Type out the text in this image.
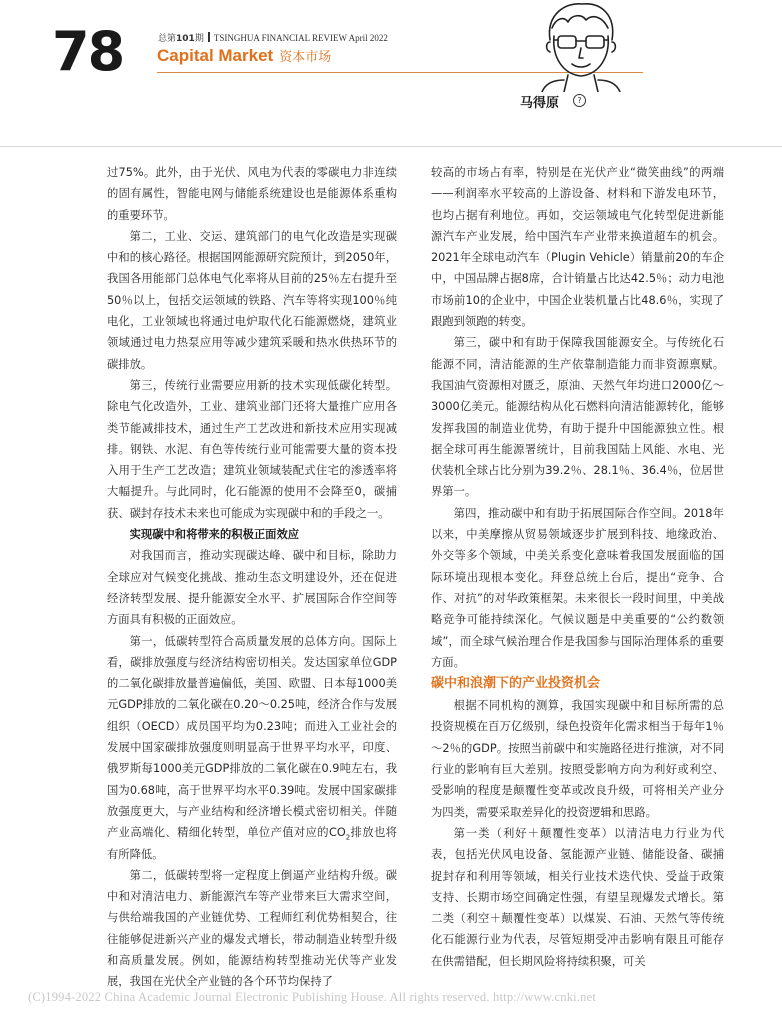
78	总第101期 TSINGHUA FINANCIAL REVIEW April 2022
Capital Market 资本市场
马得原	?

过75%。此外，由于光伏、风电为代表的零碳电力非连续的固有属性，智能电网与储能系统建设也是能源体系重构的重要环节。

第二，工业、交运、建筑部门的电气化改造是实现碳中和的核心路径。根据国网能源研究院预计，到2050年，我国各用能部门总体电气化率将从目前的25％左右提升至50％以上，包括交运领域的铁路、汽车等将实现100％纯电化，工业领域也将通过电炉取代化石能源燃烧，建筑业领域通过电力热泵应用等减少建筑采暖和热水供热环节的碳排放。

第三，传统行业需要应用新的技术实现低碳化转型。除电气化改造外，工业、建筑业部门还将大量推广应用各类节能减排技术，通过生产工艺改进和新技术应用实现减排。钢铁、水泥、有色等传统行业可能需要大量的资本投入用于生产工艺改造；建筑业领域装配式住宅的渗透率将大幅提升。与此同时，化石能源的使用不会降至0，碳捕获、碳封存技术未来也可能成为实现碳中和的手段之一。

实现碳中和将带来的积极正面效应

对我国而言，推动实现碳达峰、碳中和目标，除助力全球应对气候变化挑战、推动生态文明建设外，还在促进经济转型发展、提升能源安全水平、扩展国际合作空间等方面具有积极的正面效应。

第一，低碳转型符合高质量发展的总体方向。国际上看，碳排放强度与经济结构密切相关。发达国家单位GDP的二氧化碳排放量普遍偏低，美国、欧盟、日本每1000美元GDP排放的二氧化碳在0.20～0.25吨，经济合作与发展组织（OECD）成员国平均为0.23吨；而进入工业社会的发展中国家碳排放强度则明显高于世界平均水平，印度、俄罗斯每1000美元GDP排放的二氧化碳在0.9吨左右，我国为0.68吨，高于世界平均水平0.39吨。发展中国家碳排放强度更大，与产业结构和经济增长模式密切相关。伴随产业高端化、精细化转型，单位产值对应的$CO_2$排放也将有所降低。

第二，低碳转型将一定程度上倒逼产业结构升级。碳中和对清洁电力、新能源汽车等产业带来巨大需求空间，与供给端我国的产业链优势、工程师红利优势相契合，往往能够促进新兴产业的爆发式增长，带动制造业转型升级和高质量发展。例如，能源结构转型推动光伏等产业发展，我国在光伏全产业链的各个环节均保持了

较高的市场占有率，特别是在光伏产业“微笑曲线”的两端——利润率水平较高的上游设备、材料和下游发电环节，也均占据有利地位。再如，交运领域电气化转型促进新能源汽车产业发展，给中国汽车产业带来换道超车的机会。2021年全球电动汽车（Plugin Vehicle）销量前20的车企中，中国品牌占据8席，合计销量占比达42.5％；动力电池市场前10的企业中，中国企业装机量占比48.6％，实现了跟跑到领跑的转变。

第三，碳中和有助于保障我国能源安全。与传统化石能源不同，清洁能源的生产依靠制造能力而非资源禀赋。我国油气资源相对匮乏，原油、天然气年均进口2000亿～3000亿美元。能源结构从化石燃料向清洁能源转化，能够发挥我国的制造业优势，有助于提升中国能源独立性。根据全球可再生能源署统计，目前我国陆上风能、水电、光伏装机全球占比分别为39.2％、28.1％、36.4％，位居世界第一。

第四，推动碳中和有助于拓展国际合作空间。2018年以来，中美摩擦从贸易领域逐步扩展到科技、地缘政治、外交等多个领域，中美关系变化意味着我国发展面临的国际环境出现根本变化。拜登总统上台后，提出“竞争、合作、对抗”的对华政策框架。未来很长一段时间里，中美战略竞争可能持续深化。气候议题是中美重要的“公约数领域”，而全球气候治理合作是我国参与国际治理体系的重要方面。

碳中和浪潮下的产业投资机会

根据不同机构的测算，我国实现碳中和目标所需的总投资规模在百万亿级别，绿色投资年化需求相当于每年1％～2％的GDP。按照当前碳中和实施路径进行推演，对不同行业的影响有巨大差别。按照受影响方向为利好或利空、受影响的程度是颠覆性变革或改良升级，可将相关产业分为四类，需要采取差异化的投资逻辑和思路。

第一类（利好＋颠覆性变革）以清洁电力行业为代表，包括光伏风电设备、氢能源产业链、储能设备、碳捕捉封存和利用等领域，相关行业技术迭代快、受益于政策支持、长期市场空间确定性强，有望呈现爆发式增长。第二类（利空＋颠覆性变革）以煤炭、石油、天然气等传统化石能源行业为代表，尽管短期受冲击影响有限且可能存在供需错配，但长期风险将持续积聚，可关

(C)1994-2022 China Academic Journal Electronic Publishing House. All rights reserved. http://www.cnki.net
